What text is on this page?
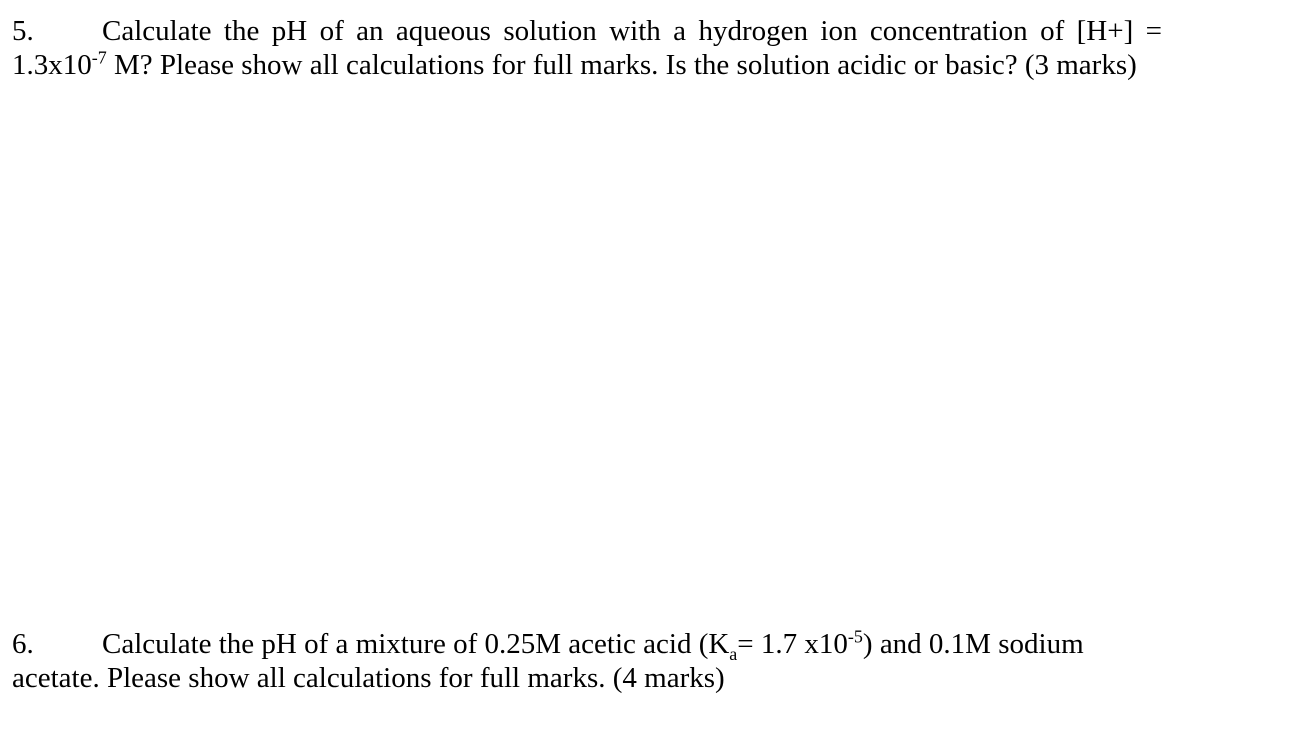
5. Calculate the pH of an aqueous solution with a hydrogen ion concentration of [H+] =
$1.3x10^{-7}$ M? Please show all calculations for full marks. Is the solution acidic or basic? (3 marks)
6. Calculate the pH of a mixture of 0.25M acetic acid ($K_a= 1.7$ $x10^{-5}$) and 0.1M sodium
acetate. Please show all calculations for full marks. (4 marks)
